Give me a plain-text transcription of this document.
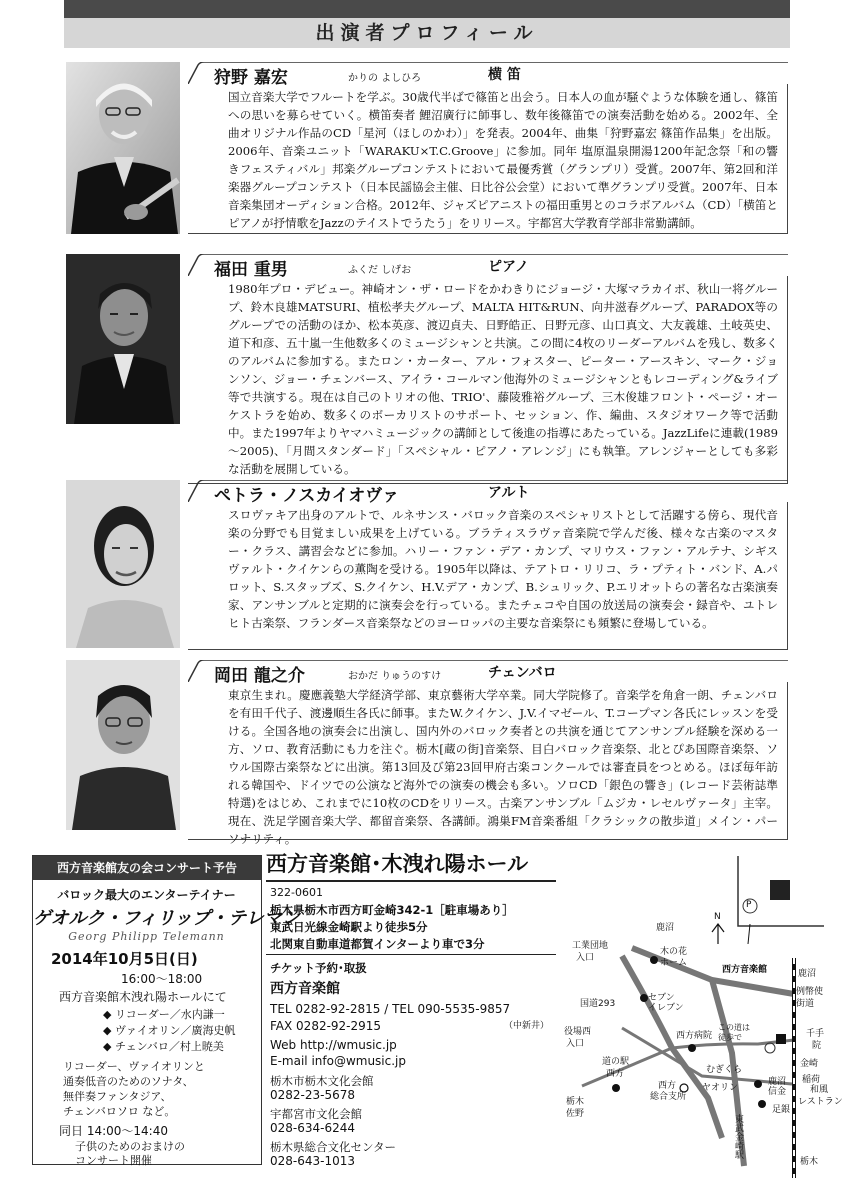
出演者プロフィール
狩野 嘉宏	かりの よしひろ	横 笛

国立音楽大学でフルートを学ぶ。30歳代半ばで篠笛と出会う。日本人の血が騒ぐような体験を通し、篠笛への思いを募らせていく。横笛奏者 鯉沼廣行に師事し、数年後篠笛での演奏活動を始める。2002年、全曲オリジナル作品のCD「星河（ほしのかわ）」を発表。2004年、曲集「狩野嘉宏 篠笛作品集」を出版。2006年、音楽ユニット「WARAKU×T.C.Groove」に参加。同年 塩原温泉開湯1200年記念祭「和の響きフェスティバル」邦楽グループコンテストにおいて最優秀賞（グランプリ）受賞。2007年、第2回和洋楽器グループコンテスト（日本民謡協会主催、日比谷公会堂）において準グランプリ受賞。2007年、日本音楽集団オーディション合格。2012年、ジャズピアニストの福田重男とのコラボアルバム（CD）「横笛とピアノが抒情歌をJazzのテイストでうたう」をリリース。宇都宮大学教育学部非常勤講師。

福田 重男	ふくだ しげお	ピアノ

1980年プロ・デビュー。神崎オン・ザ・ロードをかわきりにジョージ・大塚マラカイボ、秋山一将グループ、鈴木良雄MATSURI、植松孝夫グループ、MALTA HIT&RUN、向井滋春グループ、PARADOX等のグループでの活動のほか、松本英彦、渡辺貞夫、日野皓正、日野元彦、山口真文、大友義雄、土岐英史、道下和彦、五十嵐一生他数多くのミュージシャンと共演。この間に4枚のリーダーアルバムを残し、数多くのアルバムに参加する。またロン・カーター、アル・フォスター、ピーター・アースキン、マーク・ジョンソン、ジョー・チェンバース、アイラ・コールマン他海外のミュージシャンともレコーディング&ライブ等で共演する。現在は自己のトリオの他、TRIO'、藤陵雅裕グループ、三木俊雄フロント・ページ・オーケストラを始め、数多くのボーカリストのサポート、セッション、作、編曲、スタジオワーク等で活動中。また1997年よりヤマハミュージックの講師として後進の指導にあたっている。JazzLifeに連載(1989～2005)、「月間スタンダード」「スペシャル・ピアノ・アレンジ」にも執筆。アレンジャーとしても多彩な活動を展開している。

ペトラ・ノスカイオヴァ	アルト

スロヴァキア出身のアルトで、ルネサンス・バロック音楽のスペシャリストとして活躍する傍ら、現代音楽の分野でも目覚ましい成果を上げている。ブラティスラヴァ音楽院で学んだ後、様々な古楽のマスター・クラス、講習会などに参加。ハリー・ファン・デア・カンプ、マリウス・ファン・アルテナ、シギスヴァルト・クイケンらの薫陶を受ける。1905年以降は、テアトロ・リリコ、ラ・プティト・バンド、A.パロット、S.スタッブズ、S.クイケン、H.V.デア・カンプ、B.シュリック、P.エリオットらの著名な古楽演奏家、アンサンブルと定期的に演奏会を行っている。またチェコや自国の放送局の演奏会・録音や、ユトレヒト古楽祭、フランダース音楽祭などのヨーロッパの主要な音楽祭にも頻繁に登場している。

岡田 龍之介	おかだ りゅうのすけ	チェンバロ

東京生まれ。慶應義塾大学経済学部、東京藝術大学卒業。同大学院修了。音楽学を角倉一朗、チェンバロを有田千代子、渡邊順生各氏に師事。またW.クイケン、J.V.イマゼール、T.コープマン各氏にレッスンを受ける。全国各地の演奏会に出演し、国内外のバロック奏者との共演を通じてアンサンブル経験を深める一方、ソロ、教育活動にも力を注ぐ。栃木[蔵の街]音楽祭、目白バロック音楽祭、北とぴあ国際音楽祭、ソウル国際古楽祭などに出演。第13回及び第23回甲府古楽コンクールでは審査員をつとめる。ほぼ毎年訪れる韓国や、ドイツでの公演など海外での演奏の機会も多い。ソロCD「銀色の響き」(レコード芸術誌準特選)をはじめ、これまでに10枚のCDをリリース。古楽アンサンブル「ムジカ・レセルヴァータ」主宰。現在、洗足学園音楽大学、都留音楽祭、各講師。鴻巣FM音楽番組「クラシックの散歩道」メイン・パーソナリティ。

西方音楽館友の会コンサート予告
バロック最大のエンターテイナー
ゲオルク・フィリップ・テレマン
Georg Philipp Telemann
2014年10月5日(日)
16:00～18:00
西方音楽館木洩れ陽ホールにて
◆ リコーダー／水内謙一
◆ ヴァイオリン／廣海史帆
◆ チェンバロ／村上暁美
リコーダー、ヴァイオリンと
通奏低音のためのソナタ、
無伴奏ファンタジア、
チェンバロソロ など。
同日 14:00～14:40
子供のためのおまけの
コンサート開催
西方音楽館･木洩れ陽ホール
322-0601
栃木県栃木市西方町金崎342-1［駐車場あり］
東武日光線金崎駅より徒歩5分
北関東自動車道都賀インターより車で3分
チケット予約･取扱
西方音楽館
TEL 0282-92-2815 / TEL 090-5535-9857
（中新井）
FAX 0282-92-2915
Web http://wmusic.jp
E-mail info@wmusic.jp
栃木市栃木文化会館
0282-23-5678
宇都宮市文化会館
028-634-6244
栃木県総合文化センター
028-643-1013
P
鹿沼
N
工業団地
入口
木の花
ホーム
西方音楽館	鹿沼
セブン
イレブン
例幣使
街道
国道293
千手
院
この道は
徒歩で
役場西
入口
西方病院
金崎
道の駅
西方	むぎくら
鹿沼
信金
稲荷
和風
レストラン
西方
総合支所
ヤオリン
足銀
栃木
佐野	東武金崎駅
栃木
